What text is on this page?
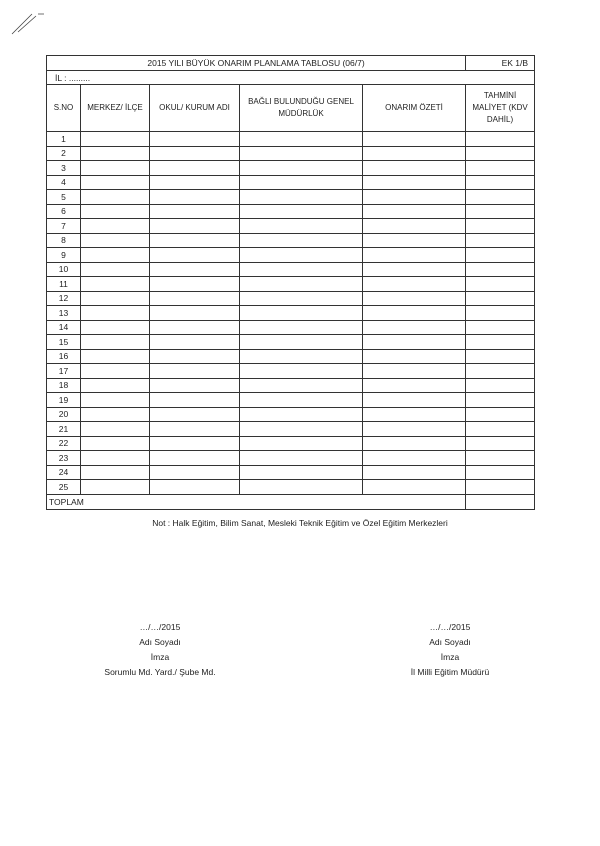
2015 YILI BÜYÜK ONARIM PLANLAMA TABLOSU (06/7)					EK 1/B
İL : .........					
S.NO	MERKEZ/ İLÇE	OKUL/ KURUM ADI	BAĞLI BULUNDUĞU GENEL MÜDÜRLÜK	ONARIM ÖZETİ	TAHMİNİ MALİYET (KDV DAHİL)
1					
2					
3					
4					
5					
6					
7					
8					
9					
10					
11					
12					
13					
14					
15					
16					
17					
18					
19					
20					
21					
22					
23					
24					
25					
TOPLAM					
Not : Halk Eğitim, Bilim Sanat, Mesleki Teknik Eğitim ve Özel Eğitim Merkezleri
…/…/2015
Adı Soyadı
İmza
Sorumlu Md. Yard./ Şube Md.
…/…/2015
Adı Soyadı
İmza
İl Milli Eğitim Müdürü
